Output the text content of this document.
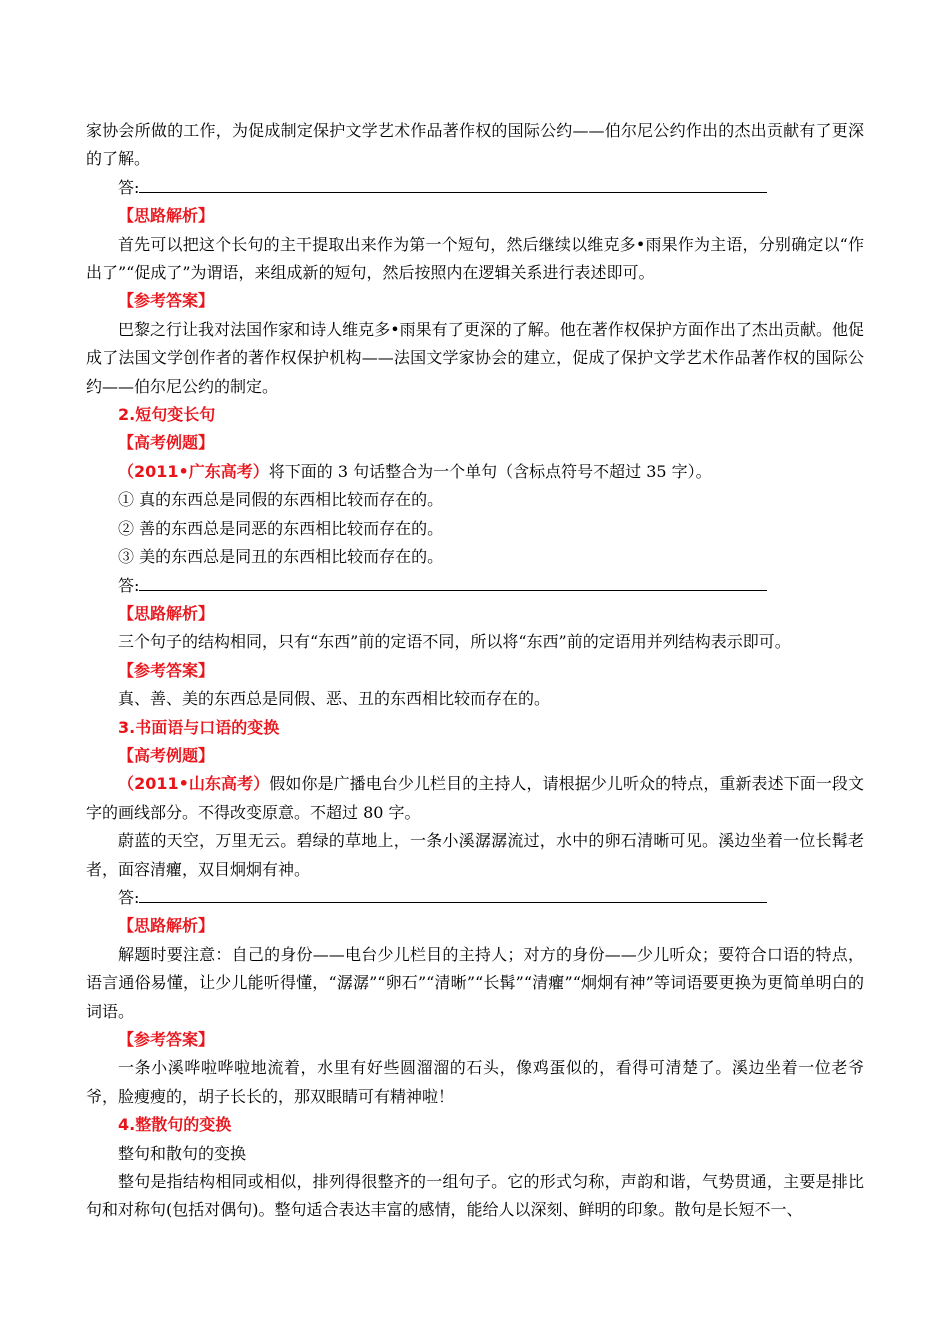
家协会所做的工作，为促成制定保护文学艺术作品著作权的国际公约——伯尔尼公约作出的杰出贡献有了更深的了解。

答:

【思路解析】

首先可以把这个长句的主干提取出来作为第一个短句，然后继续以维克多•雨果作为主语，分别确定以“作出了”“促成了”为谓语，来组成新的短句，然后按照内在逻辑关系进行表述即可。

【参考答案】

巴黎之行让我对法国作家和诗人维克多•雨果有了更深的了解。他在著作权保护方面作出了杰出贡献。他促成了法国文学创作者的著作权保护机构——法国文学家协会的建立，促成了保护文学艺术作品著作权的国际公约——伯尔尼公约的制定。

2.短句变长句

【高考例题】

（2011•广东高考）将下面的 3 句话整合为一个单句（含标点符号不超过 35 字）。

① 真的东西总是同假的东西相比较而存在的。

② 善的东西总是同恶的东西相比较而存在的。

③ 美的东西总是同丑的东西相比较而存在的。

答:

【思路解析】

三个句子的结构相同，只有“东西”前的定语不同，所以将“东西”前的定语用并列结构表示即可。

【参考答案】

真、善、美的东西总是同假、恶、丑的东西相比较而存在的。

3.书面语与口语的变换

【高考例题】

（2011•山东高考）假如你是广播电台少儿栏目的主持人，请根据少儿听众的特点，重新表述下面一段文字的画线部分。不得改变原意。不超过 80 字。

蔚蓝的天空，万里无云。碧绿的草地上，一条小溪潺潺流过，水中的卵石清晰可见。溪边坐着一位长髯老者，面容清癯，双目炯炯有神。

答:

【思路解析】

解题时要注意：自己的身份——电台少儿栏目的主持人；对方的身份——少儿听众；要符合口语的特点，语言通俗易懂，让少儿能听得懂，“潺潺”“卵石”“清晰”“长髯”“清癯”“炯炯有神”等词语要更换为更简单明白的词语。

【参考答案】

一条小溪哗啦哗啦地流着，水里有好些圆溜溜的石头，像鸡蛋似的，看得可清楚了。溪边坐着一位老爷爷，脸瘦瘦的，胡子长长的，那双眼睛可有精神啦！

4.整散句的变换

整句和散句的变换

整句是指结构相同或相似，排列得很整齐的一组句子。它的形式匀称，声韵和谐，气势贯通，主要是排比句和对称句(包括对偶句)。整句适合表达丰富的感情，能给人以深刻、鲜明的印象。散句是长短不一、
